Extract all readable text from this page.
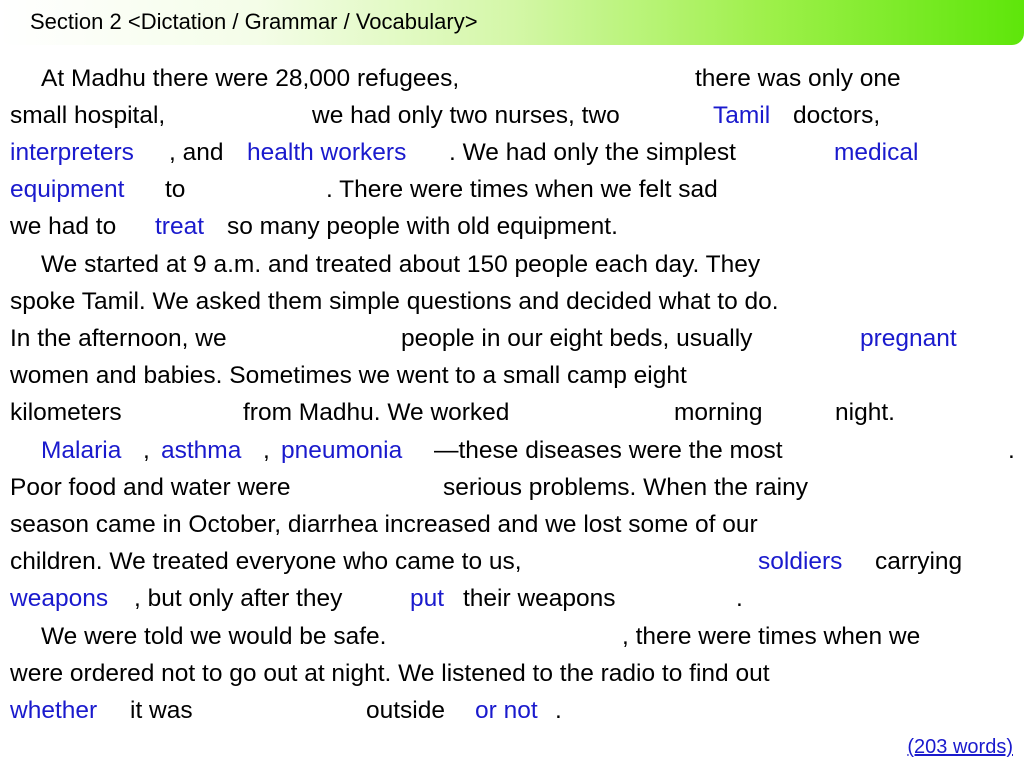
Section 2 <Dictation / Grammar / Vocabulary>
At Madhu there were 28,000 refugees,	there was only one
small hospital,	we had only two nurses, two	Tamil doctors,
interpreters , and health workers . We had only the simplest	medical
equipment to	. There were times when we felt sad
we had to treat so many people with old equipment.
We started at 9 a.m. and treated about 150 people each day. They
spoke Tamil. We asked them simple questions and decided what to do.
In the afternoon, we	people in our eight beds, usually	pregnant
women and babies. Sometimes we went to a small camp eight
kilometers	from Madhu. We worked	morning	night.
Malaria , asthma , pneumonia —these diseases were the most	.
Poor food and water were	serious problems. When the rainy
season came in October, diarrhea increased and we lost some of our
children. We treated everyone who came to us,	soldiers carrying
weapons , but only after they	put their weapons	.
We were told we would be safe.	, there were times when we
were ordered not to go out at night. We listened to the radio to find out
whether it was	outside or not .
(203 words)
